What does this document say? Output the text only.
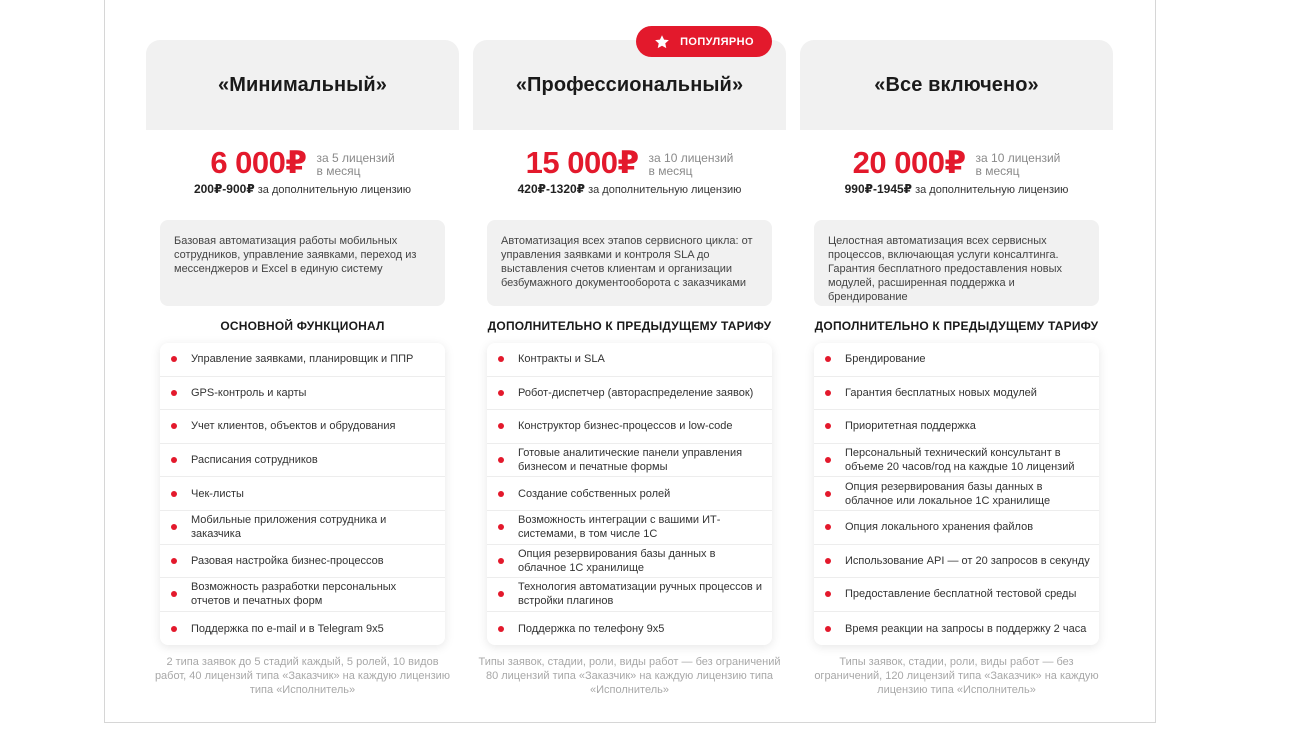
«Минимальный»
6 000₽ за 5 лицензий
в месяц
200₽-900₽ за дополнительную лицензию
Базовая автоматизация работы мобильных сотрудников, управление заявками, переход из мессенджеров и Excel в единую систему
ОСНОВНОЙ ФУНКЦИОНАЛ
Управление заявками, планировщик и ППР
GPS-контроль и карты
Учет клиентов, объектов и обрудования
Расписания сотрудников
Чек-листы
Мобильные приложения сотрудника и заказчика
Разовая настройка бизнес-процессов
Возможность разработки персональных отчетов и печатных форм
Поддержка по e-mail и в Telegram 9x5
2 типа заявок до 5 стадий каждый, 5 ролей, 10 видов работ, 40 лицензий типа «Заказчик» на каждую лицензию типа «Исполнитель»
«Профессиональный»
15 000₽ за 10 лицензий
в месяц
420₽-1320₽ за дополнительную лицензию
Автоматизация всех этапов сервисного цикла: от управления заявками и контроля SLA до выставления счетов клиентам и организации безбумажного документооборота с заказчиками
ДОПОЛНИТЕЛЬНО К ПРЕДЫДУЩЕМУ ТАРИФУ
Контракты и SLA
Робот-диспетчер (автораспределение заявок)
Конструктор бизнес-процессов и low-code
Готовые аналитические панели управления бизнесом и печатные формы
Создание собственных ролей
Возможность интеграции с вашими ИТ-системами, в том числе 1С
Опция резервирования базы данных в облачное 1С хранилище
Технология автоматизации ручных процессов и встройки плагинов
Поддержка по телефону 9x5
Типы заявок, стадии, роли, виды работ — без ограничений 80 лицензий типа «Заказчик» на каждую лицензию типа «Исполнитель»
«Все включено»
20 000₽ за 10 лицензий
в месяц
990₽-1945₽ за дополнительную лицензию
Целостная автоматизация всех сервисных процессов, включающая услуги консалтинга. Гарантия бесплатного предоставления новых модулей, расширенная поддержка и брендирование
ДОПОЛНИТЕЛЬНО К ПРЕДЫДУЩЕМУ ТАРИФУ
Брендирование
Гарантия бесплатных новых модулей
Приоритетная поддержка
Персональный технический консультант в объеме 20 часов/год на каждые 10 лицензий
Опция резервирования базы данных в облачное или локальное 1С хранилище
Опция локального хранения файлов
Использование API — от 20 запросов в секунду
Предоставление бесплатной тестовой среды
Время реакции на запросы в поддержку 2 часа
Типы заявок, стадии, роли, виды работ — без ограничений, 120 лицензий типа «Заказчик» на каждую лицензию типа «Исполнитель»
ПОПУЛЯРНО
